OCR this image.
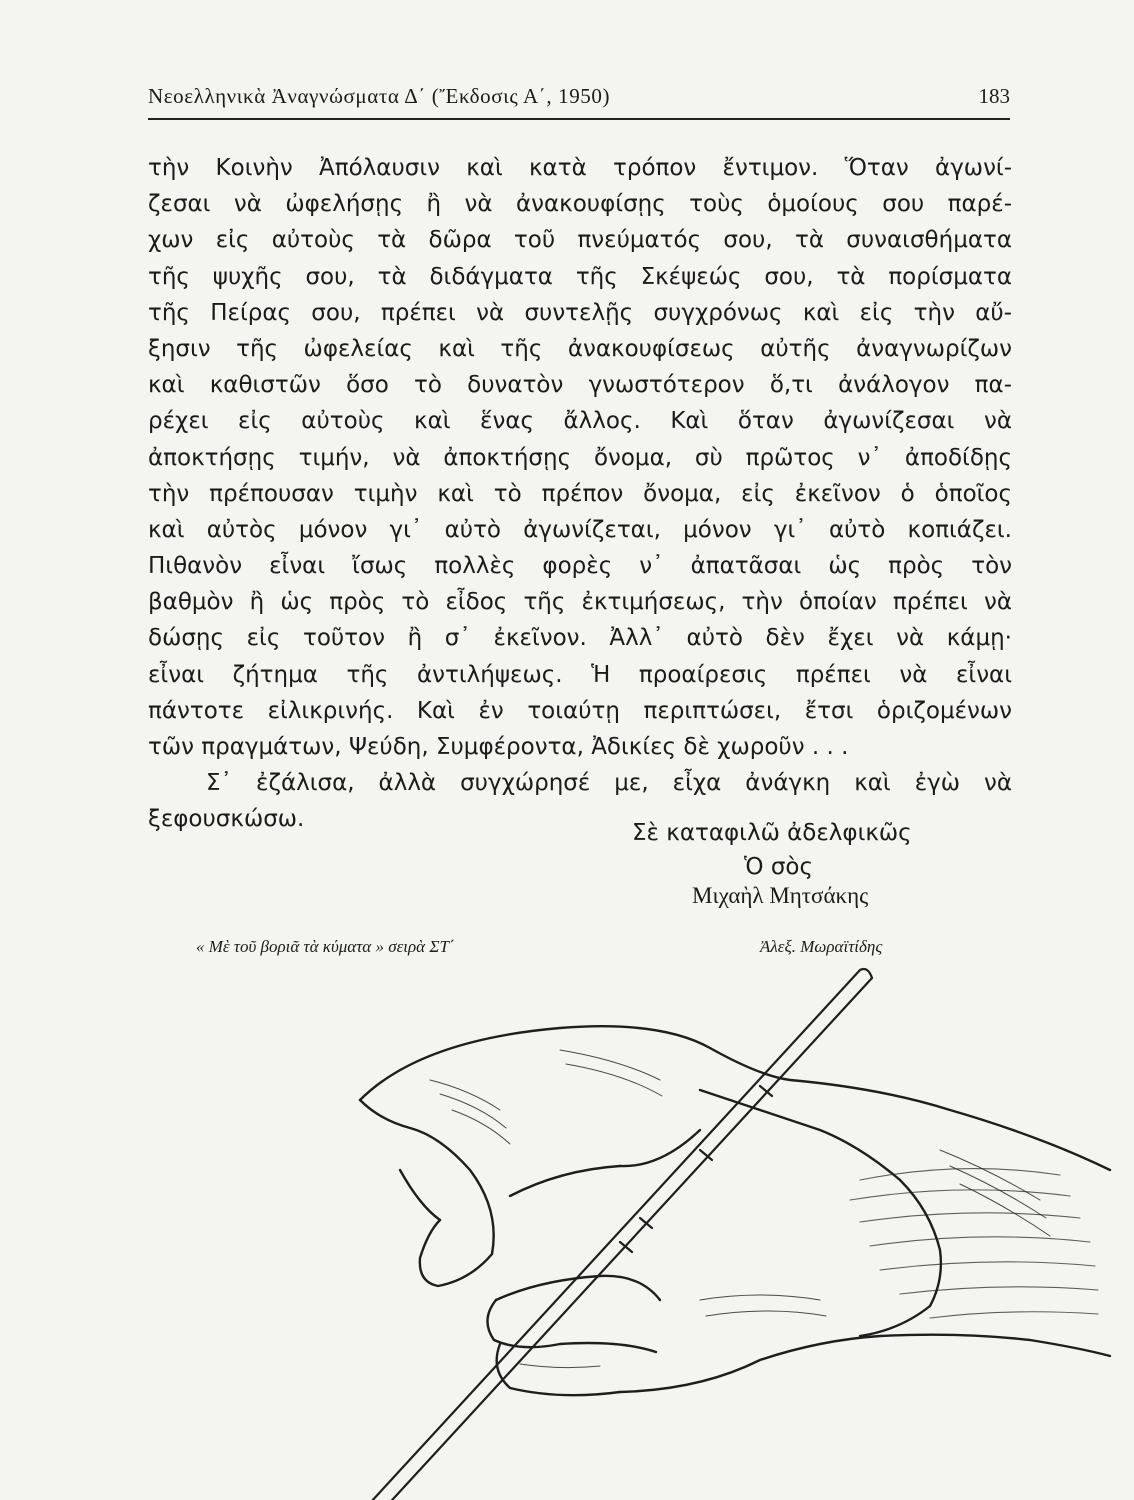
Νεοελληνικὰ Ἀναγνώσματα Δ΄ (Ἔκδοσις Α΄, 1950)	183
τὴν Κοινὴν Ἀπόλαυσιν καὶ κατὰ τρόπον ἔντιμον. Ὅταν ἀγωνί-
ζεσαι νὰ ὠφελήσῃς ἢ νὰ ἀνακουφίσῃς τοὺς ὁμοίους σου παρέ-
χων εἰς αὐτοὺς τὰ δῶρα τοῦ πνεύματός σου, τὰ συναισθήματα
τῆς ψυχῆς σου, τὰ διδάγματα τῆς Σκέψεώς σου, τὰ πορίσματα
τῆς Πείρας σου, πρέπει νὰ συντελῇς συγχρόνως καὶ εἰς τὴν αὔ-
ξησιν τῆς ὠφελείας καὶ τῆς ἀνακουφίσεως αὐτῆς ἀναγνωρίζων
καὶ καθιστῶν ὅσο τὸ δυνατὸν γνωστότερον ὅ,τι ἀνάλογον πα-
ρέχει εἰς αὐτοὺς καὶ ἕνας ἄλλος. Καὶ ὅταν ἀγωνίζεσαι νὰ
ἀποκτήσῃς τιμήν, νὰ ἀποκτήσῃς ὄνομα, σὺ πρῶτος ν᾽ ἀποδίδῃς
τὴν πρέπουσαν τιμὴν καὶ τὸ πρέπον ὄνομα, εἰς ἐκεῖνον ὁ ὁποῖος
καὶ αὐτὸς μόνον γι᾽ αὐτὸ ἀγωνίζεται, μόνον γι᾽ αὐτὸ κοπιάζει.
Πιθανὸν εἶναι ἴσως πολλὲς φορὲς ν᾽ ἀπατᾶσαι ὡς πρὸς τὸν
βαθμὸν ἢ ὡς πρὸς τὸ εἶδος τῆς ἐκτιμήσεως, τὴν ὁποίαν πρέπει νὰ
δώσῃς εἰς τοῦτον ἢ σ᾽ ἐκεῖνον. Ἀλλ᾽ αὐτὸ δὲν ἔχει νὰ κάμῃ·
εἶναι ζήτημα τῆς ἀντιλήψεως. Ἡ προαίρεσις πρέπει νὰ εἶναι
πάντοτε εἰλικρινής. Καὶ ἐν τοιαύτῃ περιπτώσει, ἔτσι ὁριζομένων
τῶν πραγμάτων, Ψεύδη, Συμφέροντα, Ἀδικίες δὲ χωροῦν . . .
Σ᾽ ἐζάλισα, ἀλλὰ συγχώρησέ με, εἶχα ἀνάγκη καὶ ἐγὼ νὰ
ξεφουσκώσω.
Σὲ καταφιλῶ ἀδελφικῶς
Ὁ σὸς
Μιχαὴλ Μητσάκης
« Μὲ τοῦ βοριᾶ τὰ κύματα » σειρὰ ΣΤ΄	Ἀλεξ. Μωραϊτίδης
